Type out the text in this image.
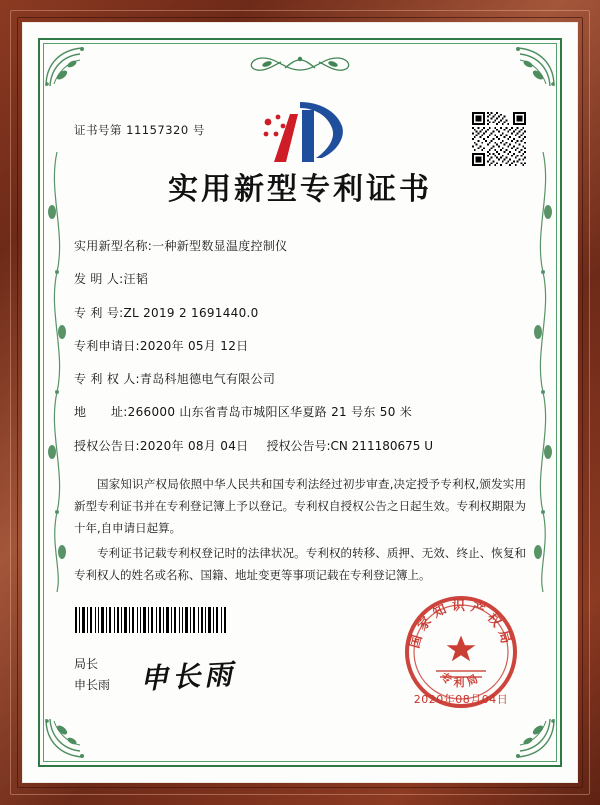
证书号第 11157320 号
实用新型专利证书
实用新型名称: 一种新型数显温度控制仪
发 明 人: 汪韬
专 利 号: ZL 2019 2 1691440.0
专利申请日: 2020年 05月 12日
专 利 权 人: 青岛科旭德电气有限公司
地      址: 266000 山东省青岛市城阳区华夏路 21 号东 50 米
授权公告日: 2020年 08月 04日 授权公告号: CN 211180675 U

国家知识产权局依照中华人民共和国专利法经过初步审查,决定授予专利权,颁发实用新型专利证书并在专利登记簿上予以登记。专利权自授权公告之日起生效。专利权期限为十年,自申请日起算。

专利证书记载专利权登记时的法律状况。专利权的转移、质押、无效、终止、恢复和专利权人的姓名或名称、国籍、地址变更等事项记载在专利登记簿上。

局长
申长雨 申长雨
国家知识产权局
专利局
2020年08月04日
